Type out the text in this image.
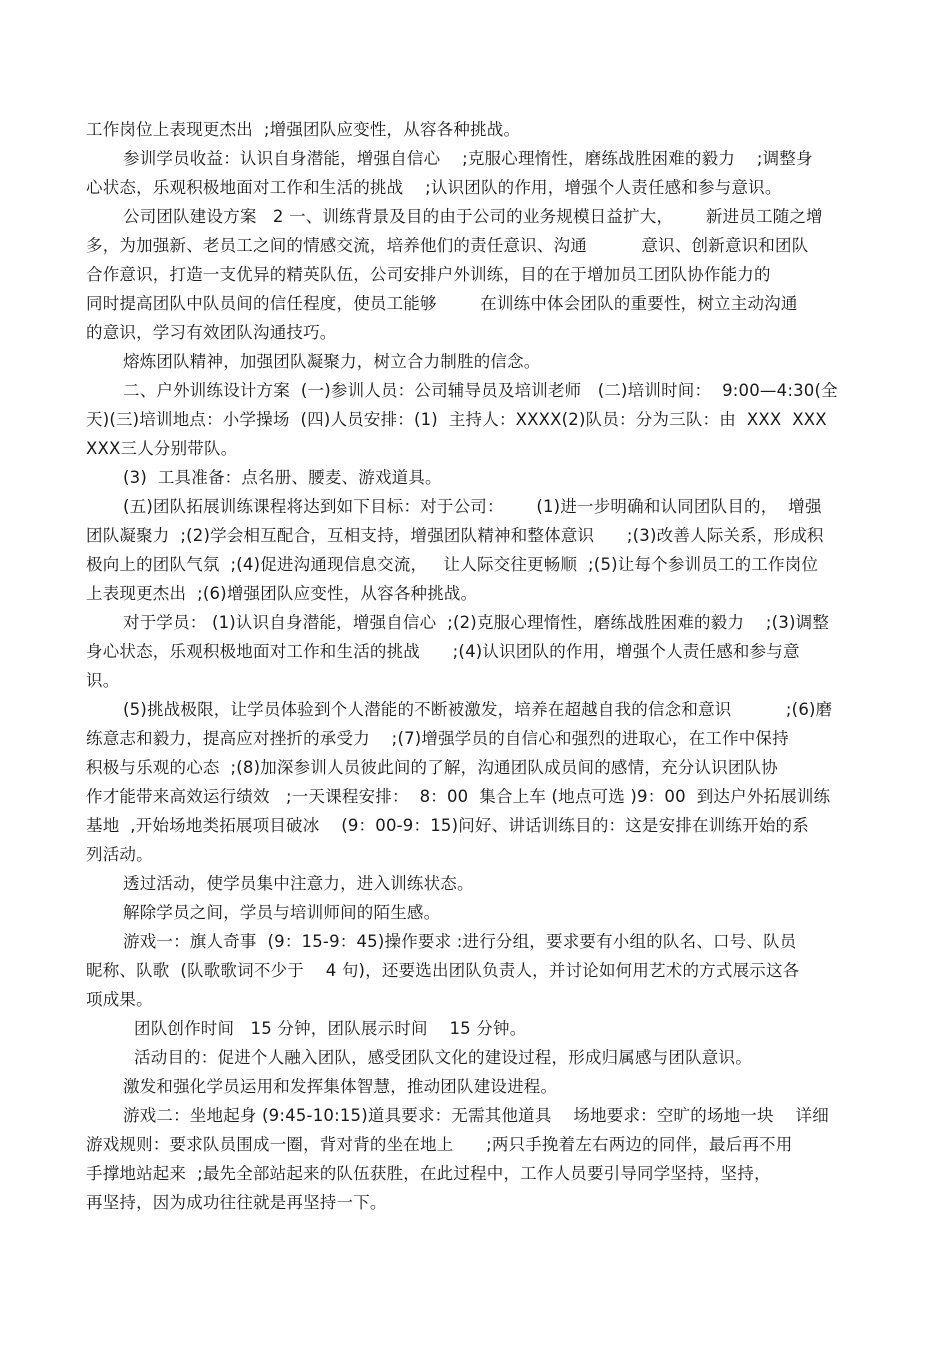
工作岗位上表现更杰出  ;增强团队应变性，从容各种挑战。
参训学员收益：认识自身潜能，增强自信心    ;克服心理惰性，磨练战胜困难的毅力    ;调整身
心状态，乐观积极地面对工作和生活的挑战    ;认识团队的作用，增强个人责任感和参与意识。
公司团队建设方案   2 一、训练背景及目的由于公司的业务规模日益扩大，      新进员工随之增
多，为加强新、老员工之间的情感交流，培养他们的责任意识、沟通          意识、创新意识和团队
合作意识，打造一支优异的精英队伍，公司安排户外训练，目的在于增加员工团队协作能力的
同时提高团队中队员间的信任程度，使员工能够        在训练中体会团队的重要性，树立主动沟通
的意识，学习有效团队沟通技巧。
熔炼团队精神，加强团队凝聚力，树立合力制胜的信念。
二、户外训练设计方案  (一)参训人员：公司辅导员及培训老师   (二)培训时间：  9:00—4:30(全
天)(三)培训地点：小学操场  (四)人员安排：(1)  主持人：XXXX(2)队员：分为三队：由  XXX  XXX
XXX三人分别带队。
(3)  工具准备：点名册、腰麦、游戏道具。
(五)团队拓展训练课程将达到如下目标：对于公司：      (1)进一步明确和认同团队目的，  增强
团队凝聚力  ;(2)学会相互配合，互相支持，增强团队精神和整体意识      ;(3)改善人际关系，形成积
极向上的团队气氛  ;(4)促进沟通现信息交流，   让人际交往更畅顺  ;(5)让每个参训员工的工作岗位
上表现更杰出  ;(6)增强团队应变性，从容各种挑战。
对于学员： (1)认识自身潜能，增强自信心  ;(2)克服心理惰性，磨练战胜困难的毅力    ;(3)调整
身心状态，乐观积极地面对工作和生活的挑战      ;(4)认识团队的作用，增强个人责任感和参与意
识。
(5)挑战极限，让学员体验到个人潜能的不断被激发，培养在超越自我的信念和意识          ;(6)磨
练意志和毅力，提高应对挫折的承受力    ;(7)增强学员的自信心和强烈的进取心，在工作中保持
积极与乐观的心态  ;(8)加深参训人员彼此间的了解，沟通团队成员间的感情，充分认识团队协
作才能带来高效运行绩效   ;一天课程安排：  8：00  集合上车 (地点可选 )9：00  到达户外拓展训练
基地  ,开始场地类拓展项目破冰    (9：00-9：15)问好、讲话训练目的：这是安排在训练开始的系
列活动。
透过活动，使学员集中注意力，进入训练状态。
解除学员之间，学员与培训师间的陌生感。
游戏一：旗人奇事  (9：15-9：45)操作要求 :进行分组，要求要有小组的队名、口号、队员
昵称、队歌  (队歌歌词不少于    4 句)，还要选出团队负责人，并讨论如何用艺术的方式展示这各
项成果。
团队创作时间   15 分钟，团队展示时间    15 分钟。
活动目的：促进个人融入团队，感受团队文化的建设过程，形成归属感与团队意识。
激发和强化学员运用和发挥集体智慧，推动团队建设进程。
游戏二：坐地起身 (9:45-10:15)道具要求：无需其他道具    场地要求：空旷的场地一块    详细
游戏规则：要求队员围成一圈，背对背的坐在地上      ;两只手挽着左右两边的同伴，最后再不用
手撑地站起来  ;最先全部站起来的队伍获胜，在此过程中，工作人员要引导同学坚持，坚持，
再坚持，因为成功往往就是再坚持一下。
